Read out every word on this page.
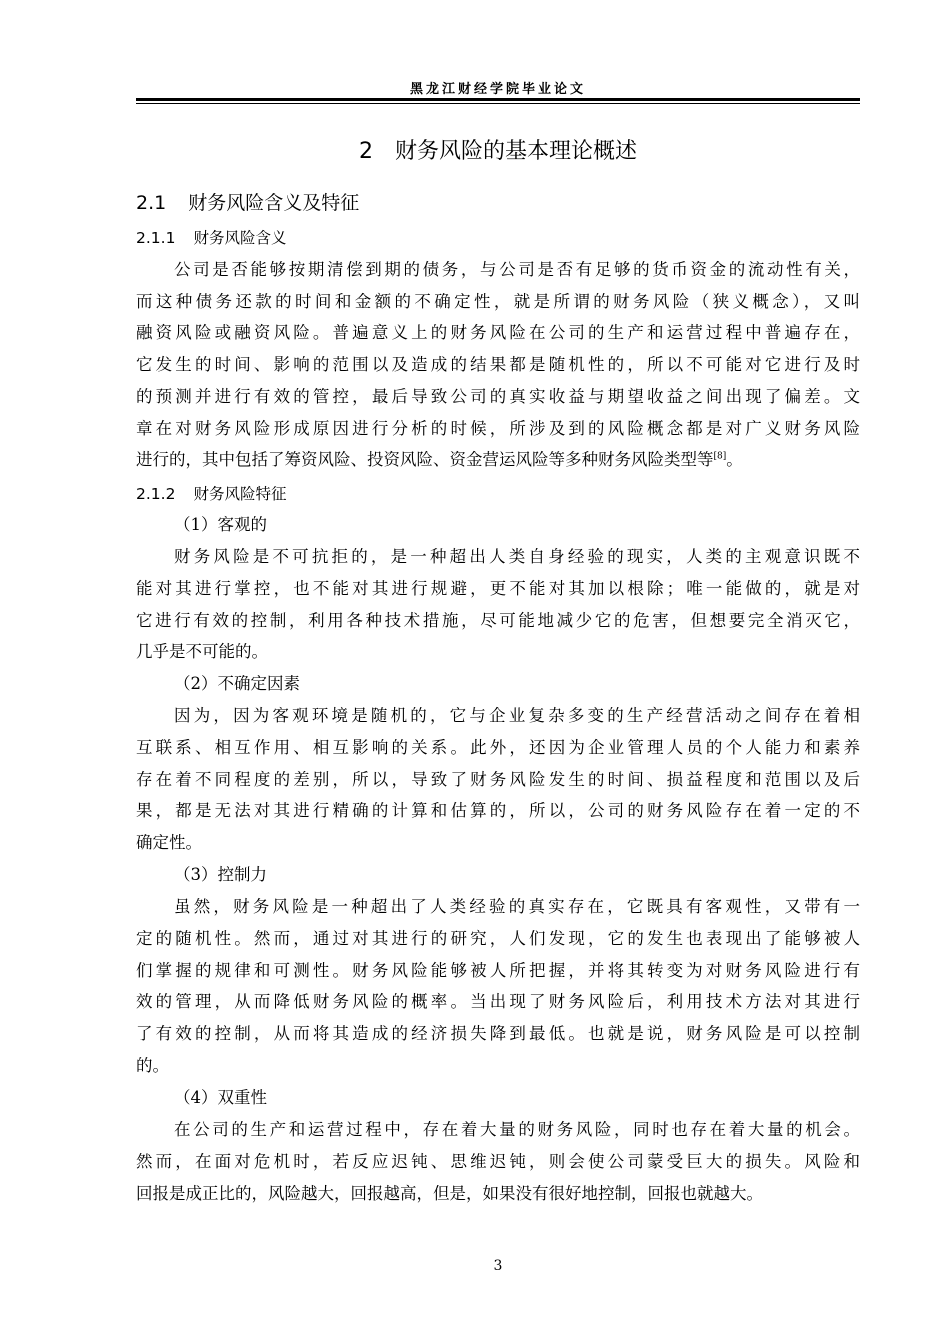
黑龙江财经学院毕业论文
2 财务风险的基本理论概述
2.1 财务风险含义及特征
2.1.1 财务风险含义
公司是否能够按期清偿到期的债务，与公司是否有足够的货币资金的流动性有关，
而这种债务还款的时间和金额的不确定性，就是所谓的财务风险（狭义概念），又叫
融资风险或融资风险。普遍意义上的财务风险在公司的生产和运营过程中普遍存在，
它发生的时间、影响的范围以及造成的结果都是随机性的，所以不可能对它进行及时
的预测并进行有效的管控，最后导致公司的真实收益与期望收益之间出现了偏差。文
章在对财务风险形成原因进行分析的时候，所涉及到的风险概念都是对广义财务风险
进行的，其中包括了筹资风险、投资风险、资金营运风险等多种财务风险类型等[8]。
2.1.2 财务风险特征
（1）客观的
财务风险是不可抗拒的，是一种超出人类自身经验的现实，人类的主观意识既不
能对其进行掌控，也不能对其进行规避，更不能对其加以根除；唯一能做的，就是对
它进行有效的控制，利用各种技术措施，尽可能地减少它的危害，但想要完全消灭它，
几乎是不可能的。
（2）不确定因素
因为，因为客观环境是随机的，它与企业复杂多变的生产经营活动之间存在着相
互联系、相互作用、相互影响的关系。此外，还因为企业管理人员的个人能力和素养
存在着不同程度的差别，所以，导致了财务风险发生的时间、损益程度和范围以及后
果，都是无法对其进行精确的计算和估算的，所以，公司的财务风险存在着一定的不
确定性。
（3）控制力
虽然，财务风险是一种超出了人类经验的真实存在，它既具有客观性，又带有一
定的随机性。然而，通过对其进行的研究，人们发现，它的发生也表现出了能够被人
们掌握的规律和可测性。财务风险能够被人所把握，并将其转变为对财务风险进行有
效的管理，从而降低财务风险的概率。当出现了财务风险后，利用技术方法对其进行
了有效的控制，从而将其造成的经济损失降到最低。也就是说，财务风险是可以控制
的。
（4）双重性
在公司的生产和运营过程中，存在着大量的财务风险，同时也存在着大量的机会。
然而，在面对危机时，若反应迟钝、思维迟钝，则会使公司蒙受巨大的损失。风险和
回报是成正比的，风险越大，回报越高，但是，如果没有很好地控制，回报也就越大。
3
